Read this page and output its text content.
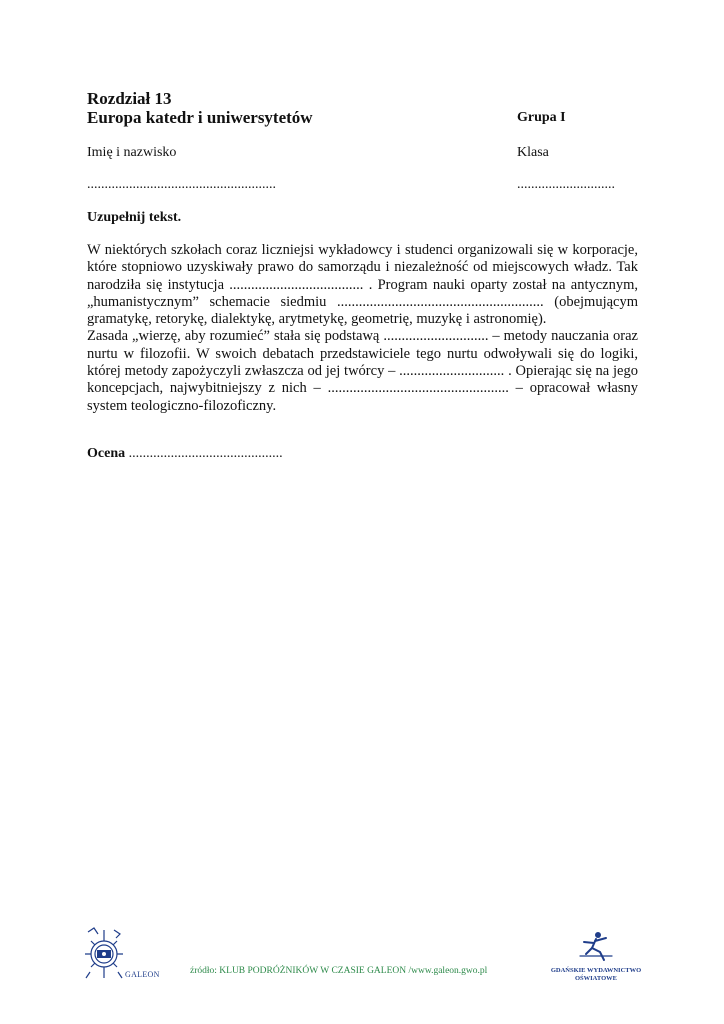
Rozdział 13
Europa katedr i uniwersytetów	Grupa I
Imię i nazwisko	Klasa
......................................................	............................
Uzupełnij tekst.

W niektórych szkołach coraz liczniejsi wykładowcy i studenci organizowali się w korporacje, które stopniowo uzyskiwały prawo do samorządu i niezależność od miejscowych władz. Tak narodziła się instytucja ..................................... . Program nauki oparty został na antycznym, „humanistycznym” schemacie siedmiu ......................................................... (obejmującym gramatykę, retorykę, dialektykę, arytmetykę, geometrię, muzykę i astronomię).

Zasada „wierzę, aby rozumieć” stała się podstawą ............................. – metody nauczania oraz nurtu w filozofii. W swoich debatach przedstawiciele tego nurtu odwoływali się do logiki, której metody zapożyczyli zwłaszcza od jej twórcy – ............................. . Opierając się na jego koncepcjach, najwybitniejszy z nich – .................................................. – opracował własny system teologiczno-filozoficzny.

Ocena ............................................
GALEON	źródło: KLUB PODRÓŻNIKÓW W CZASIE GALEON /www.galeon.gwo.pl	GDAŃSKIE WYDAWNICTWO
OŚWIATOWE
